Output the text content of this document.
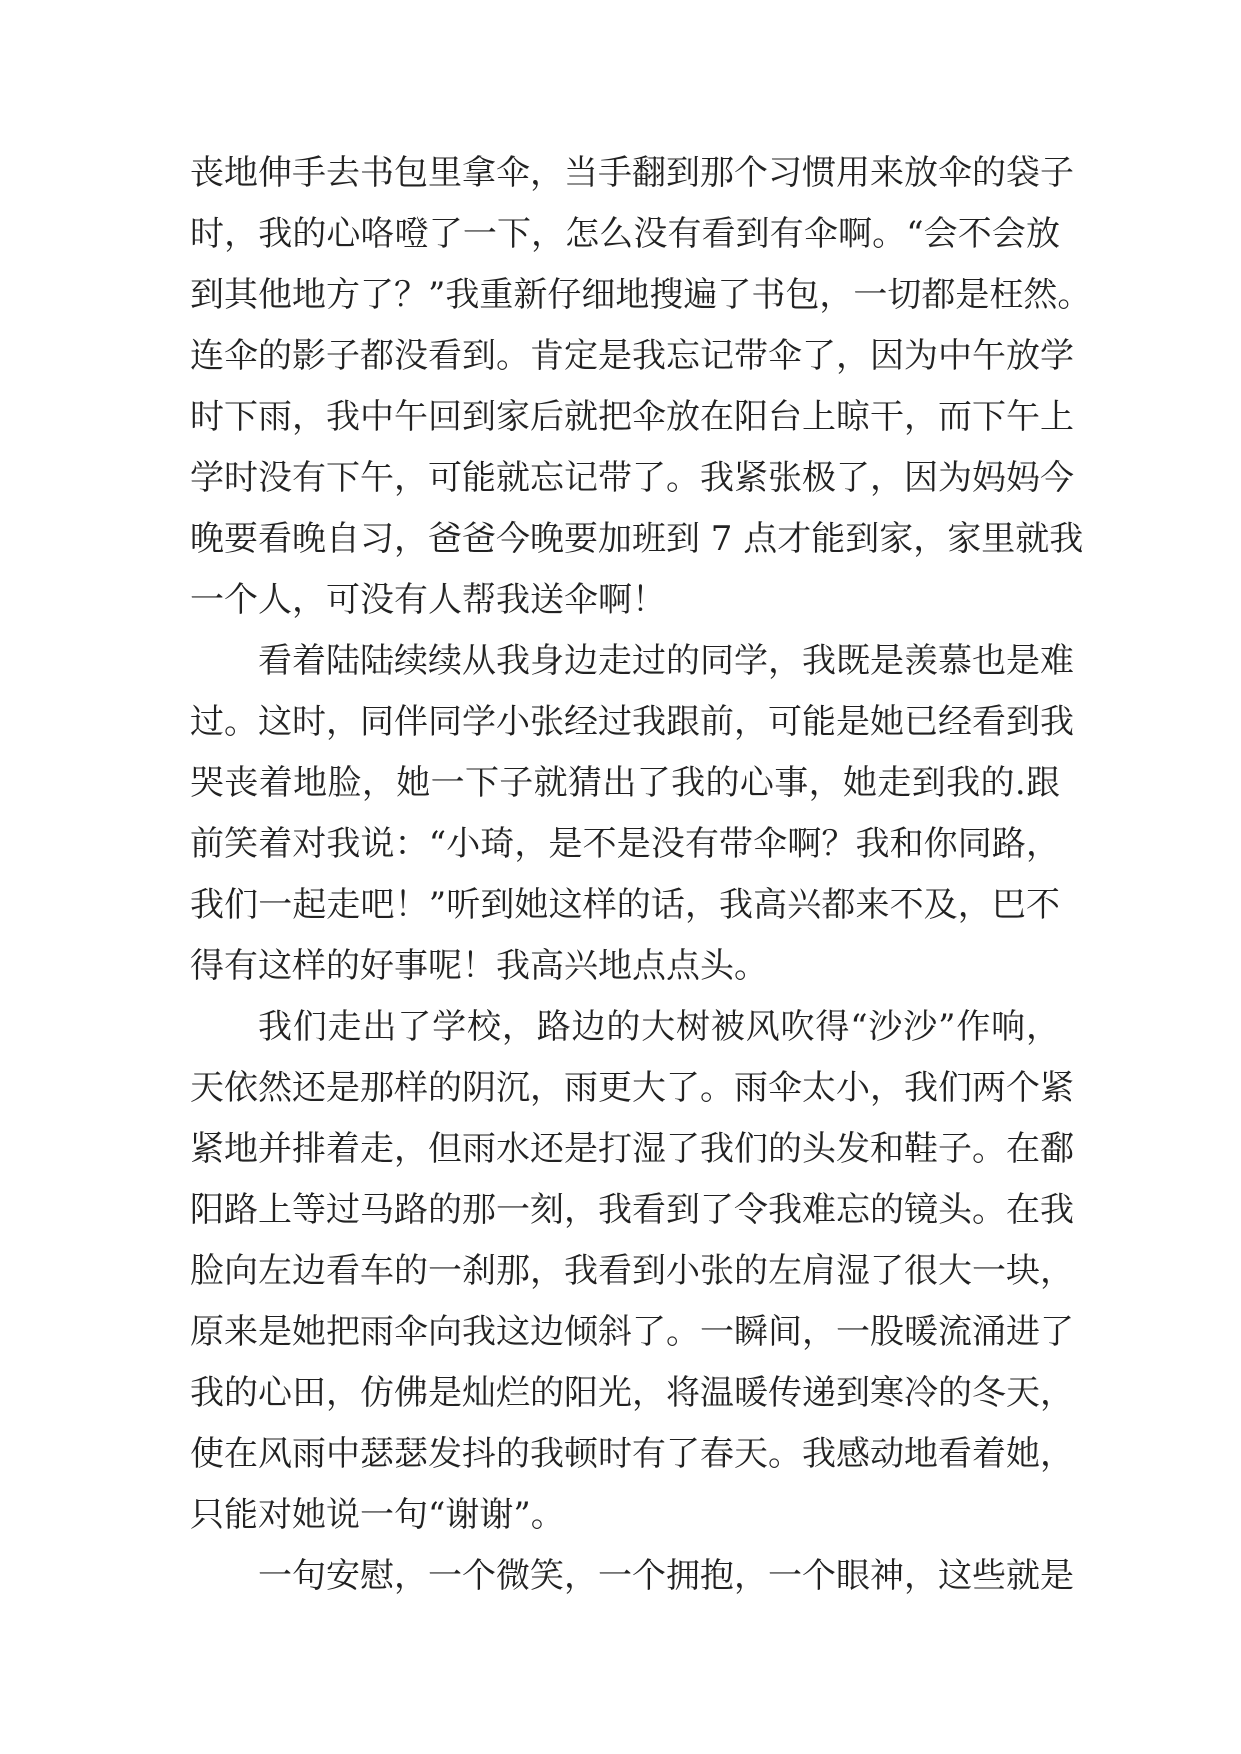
丧地伸手去书包里拿伞，当手翻到那个习惯用来放伞的袋子
时，我的心咯噔了一下，怎么没有看到有伞啊。“会不会放
到其他地方了？”我重新仔细地搜遍了书包，一切都是枉然。
连伞的影子都没看到。肯定是我忘记带伞了，因为中午放学
时下雨，我中午回到家后就把伞放在阳台上晾干，而下午上
学时没有下午，可能就忘记带了。我紧张极了，因为妈妈今
晚要看晚自习，爸爸今晚要加班到 7 点才能到家，家里就我
一个人，可没有人帮我送伞啊！
看着陆陆续续从我身边走过的同学，我既是羡慕也是难
过。这时，同伴同学小张经过我跟前，可能是她已经看到我
哭丧着地脸，她一下子就猜出了我的心事，她走到我的.跟
前笑着对我说：“小琦，是不是没有带伞啊？我和你同路，
我们一起走吧！”听到她这样的话，我高兴都来不及，巴不
得有这样的好事呢！我高兴地点点头。
我们走出了学校，路边的大树被风吹得“沙沙”作响，
天依然还是那样的阴沉，雨更大了。雨伞太小，我们两个紧
紧地并排着走，但雨水还是打湿了我们的头发和鞋子。在鄱
阳路上等过马路的那一刻，我看到了令我难忘的镜头。在我
脸向左边看车的一刹那，我看到小张的左肩湿了很大一块，
原来是她把雨伞向我这边倾斜了。一瞬间，一股暖流涌进了
我的心田，仿佛是灿烂的阳光，将温暖传递到寒冷的冬天，
使在风雨中瑟瑟发抖的我顿时有了春天。我感动地看着她，
只能对她说一句“谢谢”。
一句安慰，一个微笑，一个拥抱，一个眼神，这些就是
